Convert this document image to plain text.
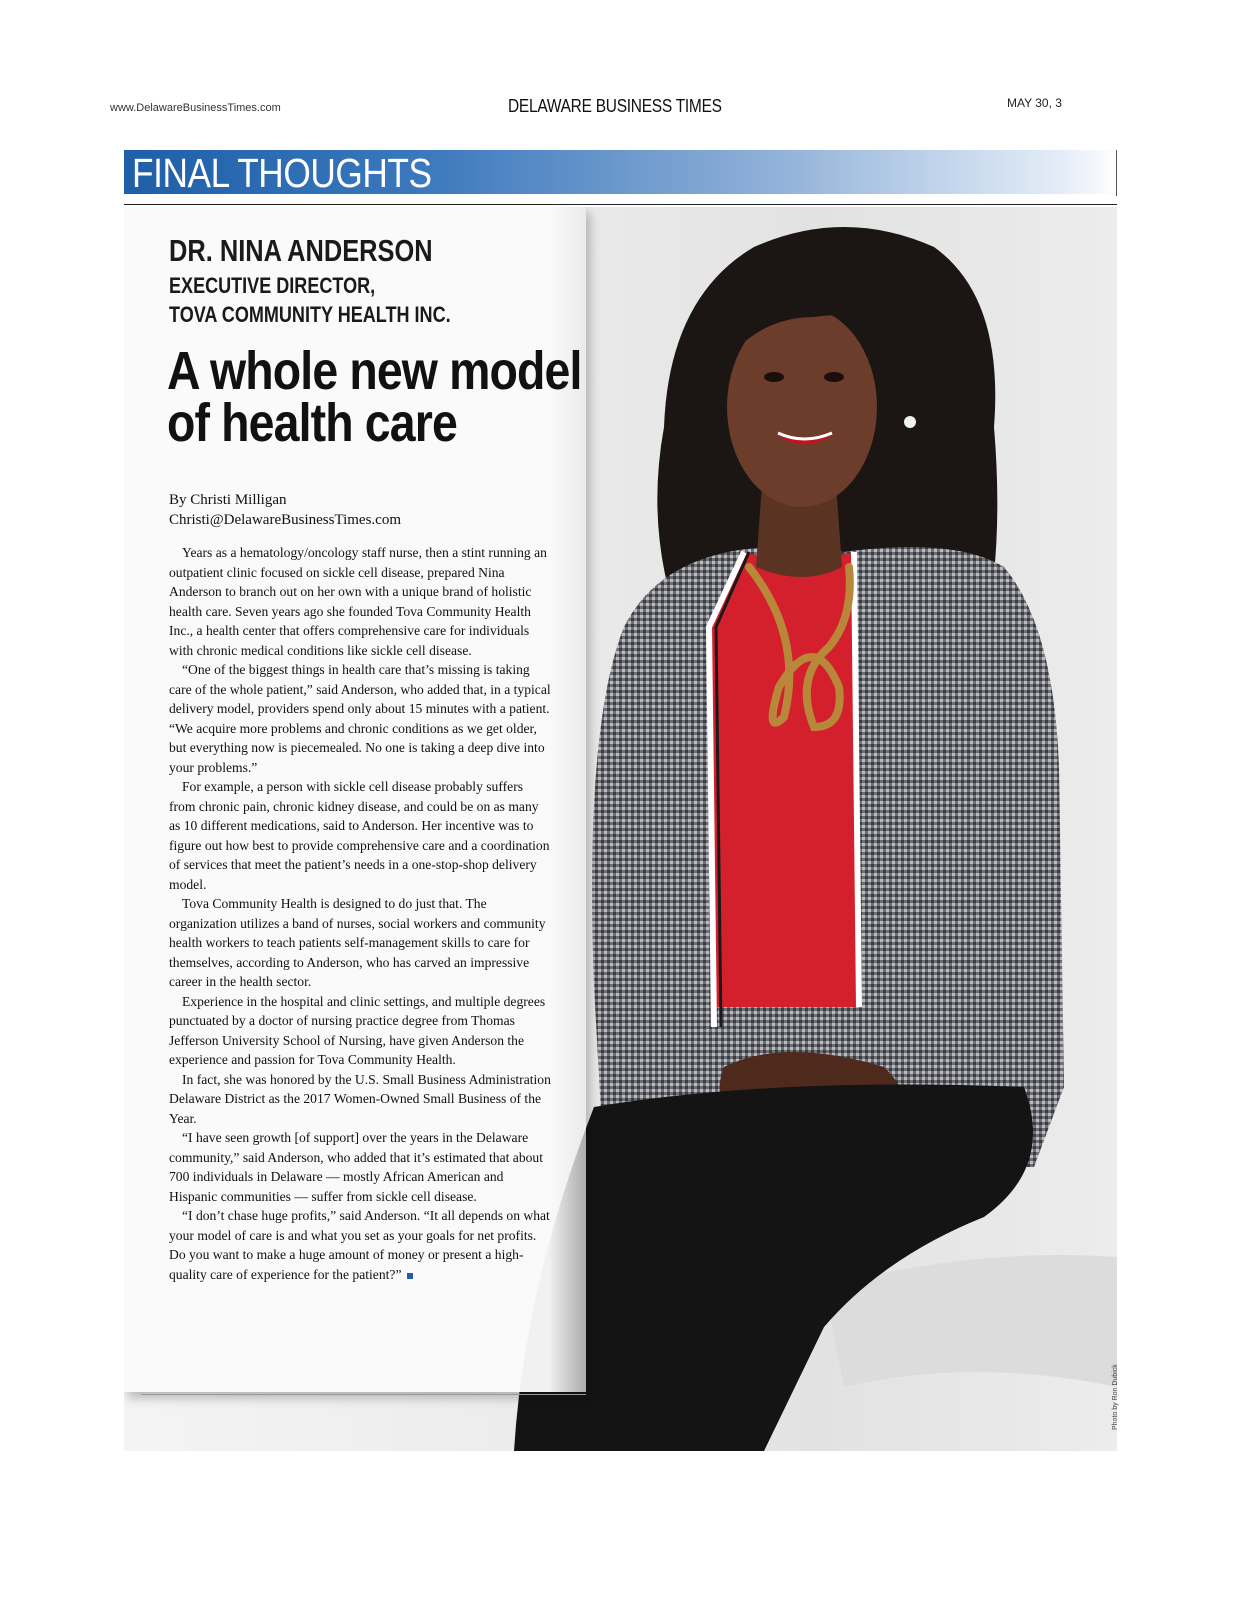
www.DelawareBusinessTimes.com	DELAWARE BUSINESS TIMES	MAY 30, 3
FINAL THOUGHTS
DR. NINA ANDERSON
EXECUTIVE DIRECTOR,
TOVA COMMUNITY HEALTH INC.
A whole new model
of health care
By Christi Milligan
Christi@DelawareBusinessTimes.com

Years as a hematology/oncology staff nurse, then a stint running an outpatient clinic focused on sickle cell disease, prepared Nina Anderson to branch out on her own with a unique brand of holistic health care. Seven years ago she founded Tova Community Health Inc., a health center that offers comprehensive care for individuals with chronic medical conditions like sickle cell disease.

“One of the biggest things in health care that’s missing is taking care of the whole patient,” said Anderson, who added that, in a typical delivery model, providers spend only about 15 minutes with a patient. “We acquire more problems and chronic conditions as we get older, but everything now is piecemealed. No one is taking a deep dive into your problems.”

For example, a person with sickle cell disease probably suffers from chronic pain, chronic kidney disease, and could be on as many as 10 different medications, said to Anderson. Her incentive was to figure out how best to provide comprehensive care and a coordination of services that meet the patient’s needs in a one-stop-shop delivery model.

Tova Community Health is designed to do just that. The organization utilizes a band of nurses, social workers and community health workers to teach patients self-management skills to care for themselves, according to Anderson, who has carved an impressive career in the health sector.

Experience in the hospital and clinic settings, and multiple degrees punctuated by a doctor of nursing practice degree from Thomas Jefferson University School of Nursing, have given Anderson the experience and passion for Tova Community Health.

In fact, she was honored by the U.S. Small Business Administration Delaware District as the 2017 Women-Owned Small Business of the Year.

“I have seen growth [of support] over the years in the Delaware community,” said Anderson, who added that it’s estimated that about 700 individuals in Delaware — mostly African American and Hispanic communities — suffer from sickle cell disease.

“I don’t chase huge profits,” said Anderson. “It all depends on what your model of care is and what you set as your goals for net profits. Do you want to make a huge amount of money or present a high-quality care of experience for the patient?”

Photo by Ron Dubick
